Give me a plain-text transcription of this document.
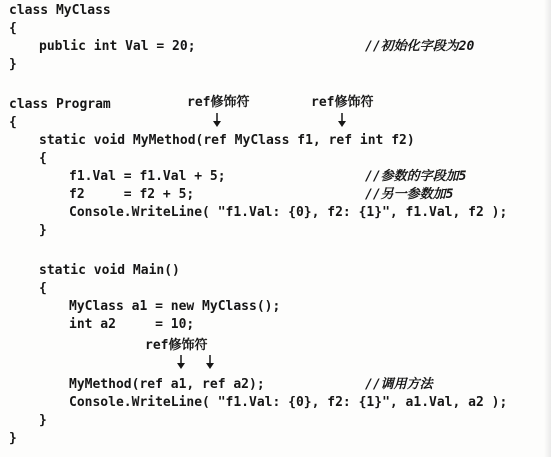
class MyClass
{
public int Val = 20;	//初始化字段为20
}
class Program	ref修饰符	ref修饰符
{
static void MyMethod(ref MyClass f1, ref int f2)
{
f1.Val = f1.Val + 5;	//参数的字段加5
f2     = f2 + 5;	//另一参数加5
Console.WriteLine( "f1.Val: {0}, f2: {1}", f1.Val, f2 );
}
static void Main()
{
MyClass a1 = new MyClass();
int a2     = 10;
ref修饰符
MyMethod(ref a1, ref a2);	//调用方法
Console.WriteLine( "f1.Val: {0}, f2: {1}", a1.Val, a2 );
}
}
